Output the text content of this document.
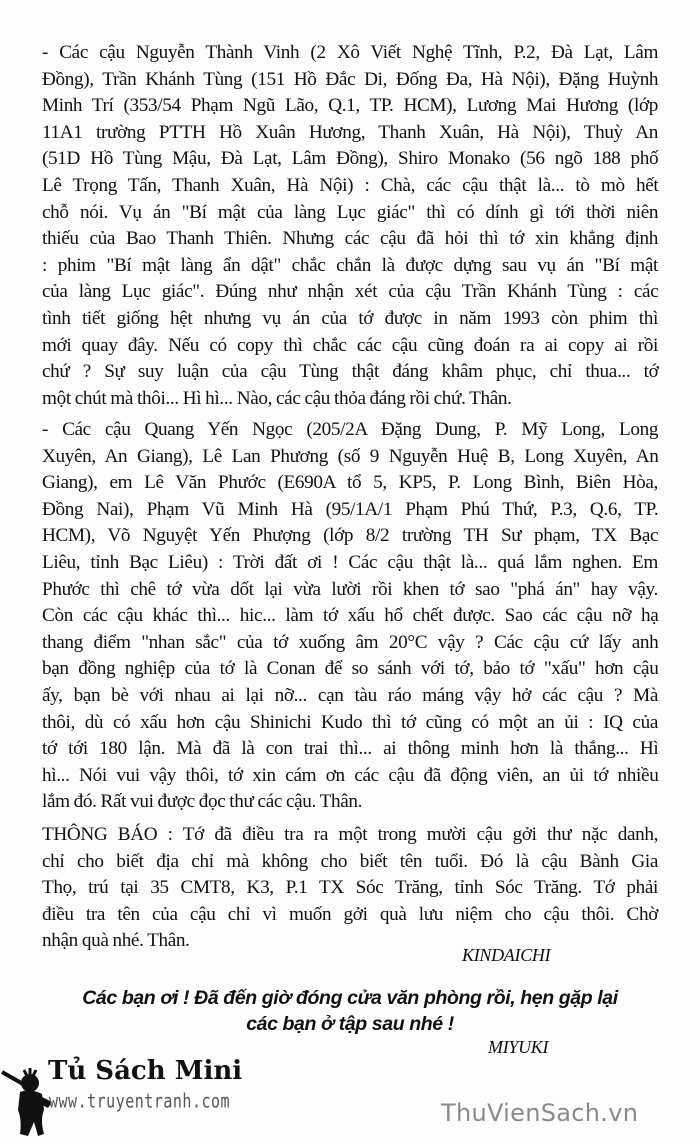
- Các cậu Nguyễn Thành Vinh (2 Xô Viết Nghệ Tĩnh, P.2, Đà Lạt, Lâm
Đồng), Trần Khánh Tùng (151 Hồ Đắc Di, Đống Đa, Hà Nội), Đặng Huỳnh
Minh Trí (353/54 Phạm Ngũ Lão, Q.1, TP. HCM), Lương Mai Hương (lớp
11A1 trường PTTH Hồ Xuân Hương, Thanh Xuân, Hà Nội), Thuỳ An
(51D Hồ Tùng Mậu, Đà Lạt, Lâm Đồng), Shiro Monako (56 ngõ 188 phố
Lê Trọng Tấn, Thanh Xuân, Hà Nội) : Chà, các cậu thật là... tò mò hết
chỗ nói. Vụ án "Bí mật của làng Lục giác" thì có dính gì tới thời niên
thiếu của Bao Thanh Thiên. Nhưng các cậu đã hỏi thì tớ xin khẳng định
: phim "Bí mật làng ẩn dật" chắc chắn là được dựng sau vụ án "Bí mật
của làng Lục giác". Đúng như nhận xét của cậu Trần Khánh Tùng : các
tình tiết giống hệt nhưng vụ án của tớ được in năm 1993 còn phim thì
mới quay đây. Nếu có copy thì chắc các cậu cũng đoán ra ai copy ai rồi
chứ ? Sự suy luận của cậu Tùng thật đáng khâm phục, chỉ thua... tớ
một chút mà thôi... Hì hì... Nào, các cậu thỏa đáng rồi chứ. Thân.
- Các cậu Quang Yến Ngọc (205/2A Đặng Dung, P. Mỹ Long, Long
Xuyên, An Giang), Lê Lan Phương (số 9 Nguyễn Huệ B, Long Xuyên, An
Giang), em Lê Văn Phước (E690A tổ 5, KP5, P. Long Bình, Biên Hòa,
Đồng Nai), Phạm Vũ Minh Hà (95/1A/1 Phạm Phú Thứ, P.3, Q.6, TP.
HCM), Võ Nguyệt Yến Phượng (lớp 8/2 trường TH Sư phạm, TX Bạc
Liêu, tỉnh Bạc Liêu) : Trời đất ơi ! Các cậu thật là... quá lắm nghen. Em
Phước thì chê tớ vừa dốt lại vừa lười rồi khen tớ sao "phá án" hay vậy.
Còn các cậu khác thì... hic... làm tớ xấu hổ chết được. Sao các cậu nỡ hạ
thang điểm "nhan sắc" của tớ xuống âm 20°C vậy ? Các cậu cứ lấy anh
bạn đồng nghiệp của tớ là Conan để so sánh với tớ, bảo tớ "xấu" hơn cậu
ấy, bạn bè với nhau ai lại nỡ... cạn tàu ráo máng vậy hở các cậu ? Mà
thôi, dù có xấu hơn cậu Shinichi Kudo thì tớ cũng có một an ủi : IQ của
tớ tới 180 lận. Mà đã là con trai thì... ai thông minh hơn là thắng... Hì
hì... Nói vui vậy thôi, tớ xin cám ơn các cậu đã động viên, an ủi tớ nhiều
lắm đó. Rất vui được đọc thư các cậu. Thân.
THÔNG BÁO : Tớ đã điều tra ra một trong mười cậu gởi thư nặc danh,
chỉ cho biết địa chỉ mà không cho biết tên tuổi. Đó là cậu Bành Gia
Thọ, trú tại 35 CMT8, K3, P.1 TX Sóc Trăng, tỉnh Sóc Trăng. Tớ phải
điều tra tên của cậu chỉ vì muốn gởi quà lưu niệm cho cậu thôi. Chờ
nhận quà nhé. Thân.
KINDAICHI
Các bạn ơi ! Đã đến giờ đóng cửa văn phòng rồi, hẹn gặp lại
các bạn ở tập sau nhé !
MIYUKI
Tủ Sách Mini
www.truyentranh.com	ThuVienSach.vn
